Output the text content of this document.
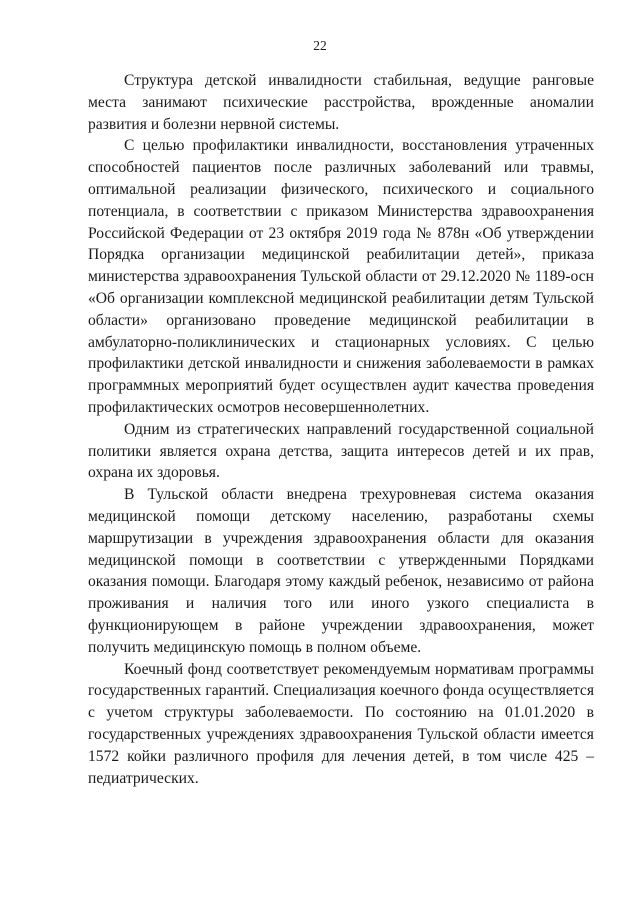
22

Структура детской инвалидности стабильная, ведущие ранговые места занимают психические расстройства, врожденные аномалии развития и болезни нервной системы.

С целью профилактики инвалидности, восстановления утраченных способностей пациентов после различных заболеваний или травмы, оптимальной реализации физического, психического и социального потенциала, в соответствии с приказом Министерства здравоохранения Российской Федерации от 23 октября 2019 года № 878н «Об утверждении Порядка организации медицинской реабилитации детей», приказа министерства здравоохранения Тульской области от 29.12.2020 № 1189-осн «Об организации комплексной медицинской реабилитации детям Тульской области» организовано проведение медицинской реабилитации в амбулаторно-поликлинических и стационарных условиях. С целью профилактики детской инвалидности и снижения заболеваемости в рамках программных мероприятий будет осуществлен аудит качества проведения профилактических осмотров несовершеннолетних.

Одним из стратегических направлений государственной социальной политики является охрана детства, защита интересов детей и их прав, охрана их здоровья.

В Тульской области внедрена трехуровневая система оказания медицинской помощи детскому населению, разработаны схемы маршрутизации в учреждения здравоохранения области для оказания медицинской помощи в соответствии с утвержденными Порядками оказания помощи. Благодаря этому каждый ребенок, независимо от района проживания и наличия того или иного узкого специалиста в функционирующем в районе учреждении здравоохранения, может получить медицинскую помощь в полном объеме.

Коечный фонд соответствует рекомендуемым нормативам программы государственных гарантий. Специализация коечного фонда осуществляется с учетом структуры заболеваемости. По состоянию на 01.01.2020 в государственных учреждениях здравоохранения Тульской области имеется 1572 койки различного профиля для лечения детей, в том числе 425 – педиатрических.
